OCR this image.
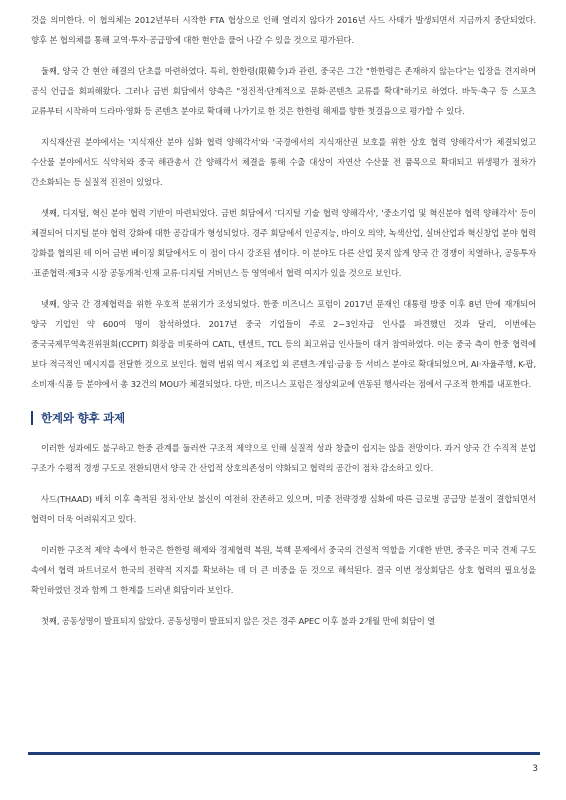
것을 의미한다. 이 협의체는 2012년부터 시작한 FTA 협상으로 인해 열리지 않다가 2016년 사드 사태가 발생되면서 지금까지 중단되었다. 향후 본 협의체를 통해 교역·투자·공급망에 대한 현안을 풀어 나갈 수 있을 것으로 평가된다.

둘째, 양국 간 현안 해결의 단초를 마련하였다. 특히, 한한령(限韓令)과 관련, 중국은 그간 "한한령은 존재하지 않는다"는 입장을 견지하며 공식 언급을 회피해왔다. 그러나 금번 회담에서 양측은 "정진적·단계적으로 문화·콘텐츠 교류를 확대"하기로 하였다. 바둑·축구 등 스포츠 교류부터 시작하여 드라마·영화 등 콘텐츠 분야로 확대해 나가기로 한 것은 한한령 해제를 향한 첫걸음으로 평가할 수 있다.

지식재산권 분야에서는 '지식재산 분야 심화 협력 양해각서'와 '국경에서의 지식재산권 보호를 위한 상호 협력 양해각서'가 체결되었고 수산물 분야에서도 식약처와 중국 해관총서 간 양해각서 체결을 통해 수출 대상이 자연산 수산물 전 품목으로 확대되고 위생평가 절차가 간소화되는 등 실질적 진전이 있었다.

셋째, 디지털, 혁신 분야 협력 기반이 마련되었다. 금번 회담에서 '디지털 기술 협력 양해각서', '중소기업 및 혁신분야 협력 양해각서' 등이 체결되어 디지털 분야 협력 강화에 대한 공감대가 형성되었다. 경주 회담에서 인공지능, 바이오 의약, 녹색산업, 실버산업과 혁신창업 분야 협력 강화를 협의된 데 이어 금번 베이징 회담에서도 이 점이 다시 강조된 셈이다. 이 분야도 다른 산업 못지 않게 양국 간 경쟁이 치열하나, 공동투자·표준협력·제3국 시장 공동개척·인재 교류·디지털 거버넌스 등 영역에서 협력 여지가 있을 것으로 보인다.

넷째, 양국 간 경제협력을 위한 우호적 분위기가 조성되었다. 한중 비즈니스 포럼이 2017년 문재인 대통령 방중 이후 8년 만에 재개되어 양국 기업인 약 600여 명이 참석하였다. 2017년 중국 기업들이 주로 2~3인자급 인사를 파견했던 것과 달리, 이번에는 중국국제무역촉진위원회(CCPIT) 회장을 비롯하여 CATL, 텐센트, TCL 등의 최고위급 인사들이 대거 참여하였다. 이는 중국 측이 한중 협력에 보다 적극적인 메시지를 전달한 것으로 보인다. 협력 범위 역시 제조업 외 콘텐츠·게임·금융 등 서비스 분야로 확대되었으며, AI·자율주행, K-팝, 소비재·식품 등 분야에서 총 32건의 MOU가 체결되었다. 다만, 비즈니스 포럼은 정상외교에 연동된 행사라는 점에서 구조적 한계를 내포한다.

한계와 향후 과제

이러한 성과에도 불구하고 한중 관계를 둘러싼 구조적 제약으로 인해 실질적 성과 창출이 쉽지는 않을 전망이다. 과거 양국 간 수직적 분업 구조가 수평적 경쟁 구도로 전환되면서 양국 간 산업적 상호의존성이 약화되고 협력의 공간이 점차 감소하고 있다.

사드(THAAD) 배치 이후 축적된 정치·안보 불신이 여전히 잔존하고 있으며, 미중 전략경쟁 심화에 따른 글로벌 공급망 분절이 결합되면서 협력이 더욱 어려워지고 있다.

이러한 구조적 제약 속에서 한국은 한한령 해제와 경제협력 복원, 북핵 문제에서 중국의 건설적 역할을 기대한 반면, 중국은 미국 견제 구도 속에서 협력 파트너로서 한국의 전략적 지지를 확보하는 데 더 큰 비중을 둔 것으로 해석된다. 결국 이번 정상회담은 상호 협력의 필요성을 확인하였던 것과 함께 그 한계를 드러낸 회담이라 보인다.

첫째, 공동성명이 발표되지 않았다. 공동성명이 발표되지 않은 것은 경주 APEC 이후 불과 2개월 만에 회담이 열

3
